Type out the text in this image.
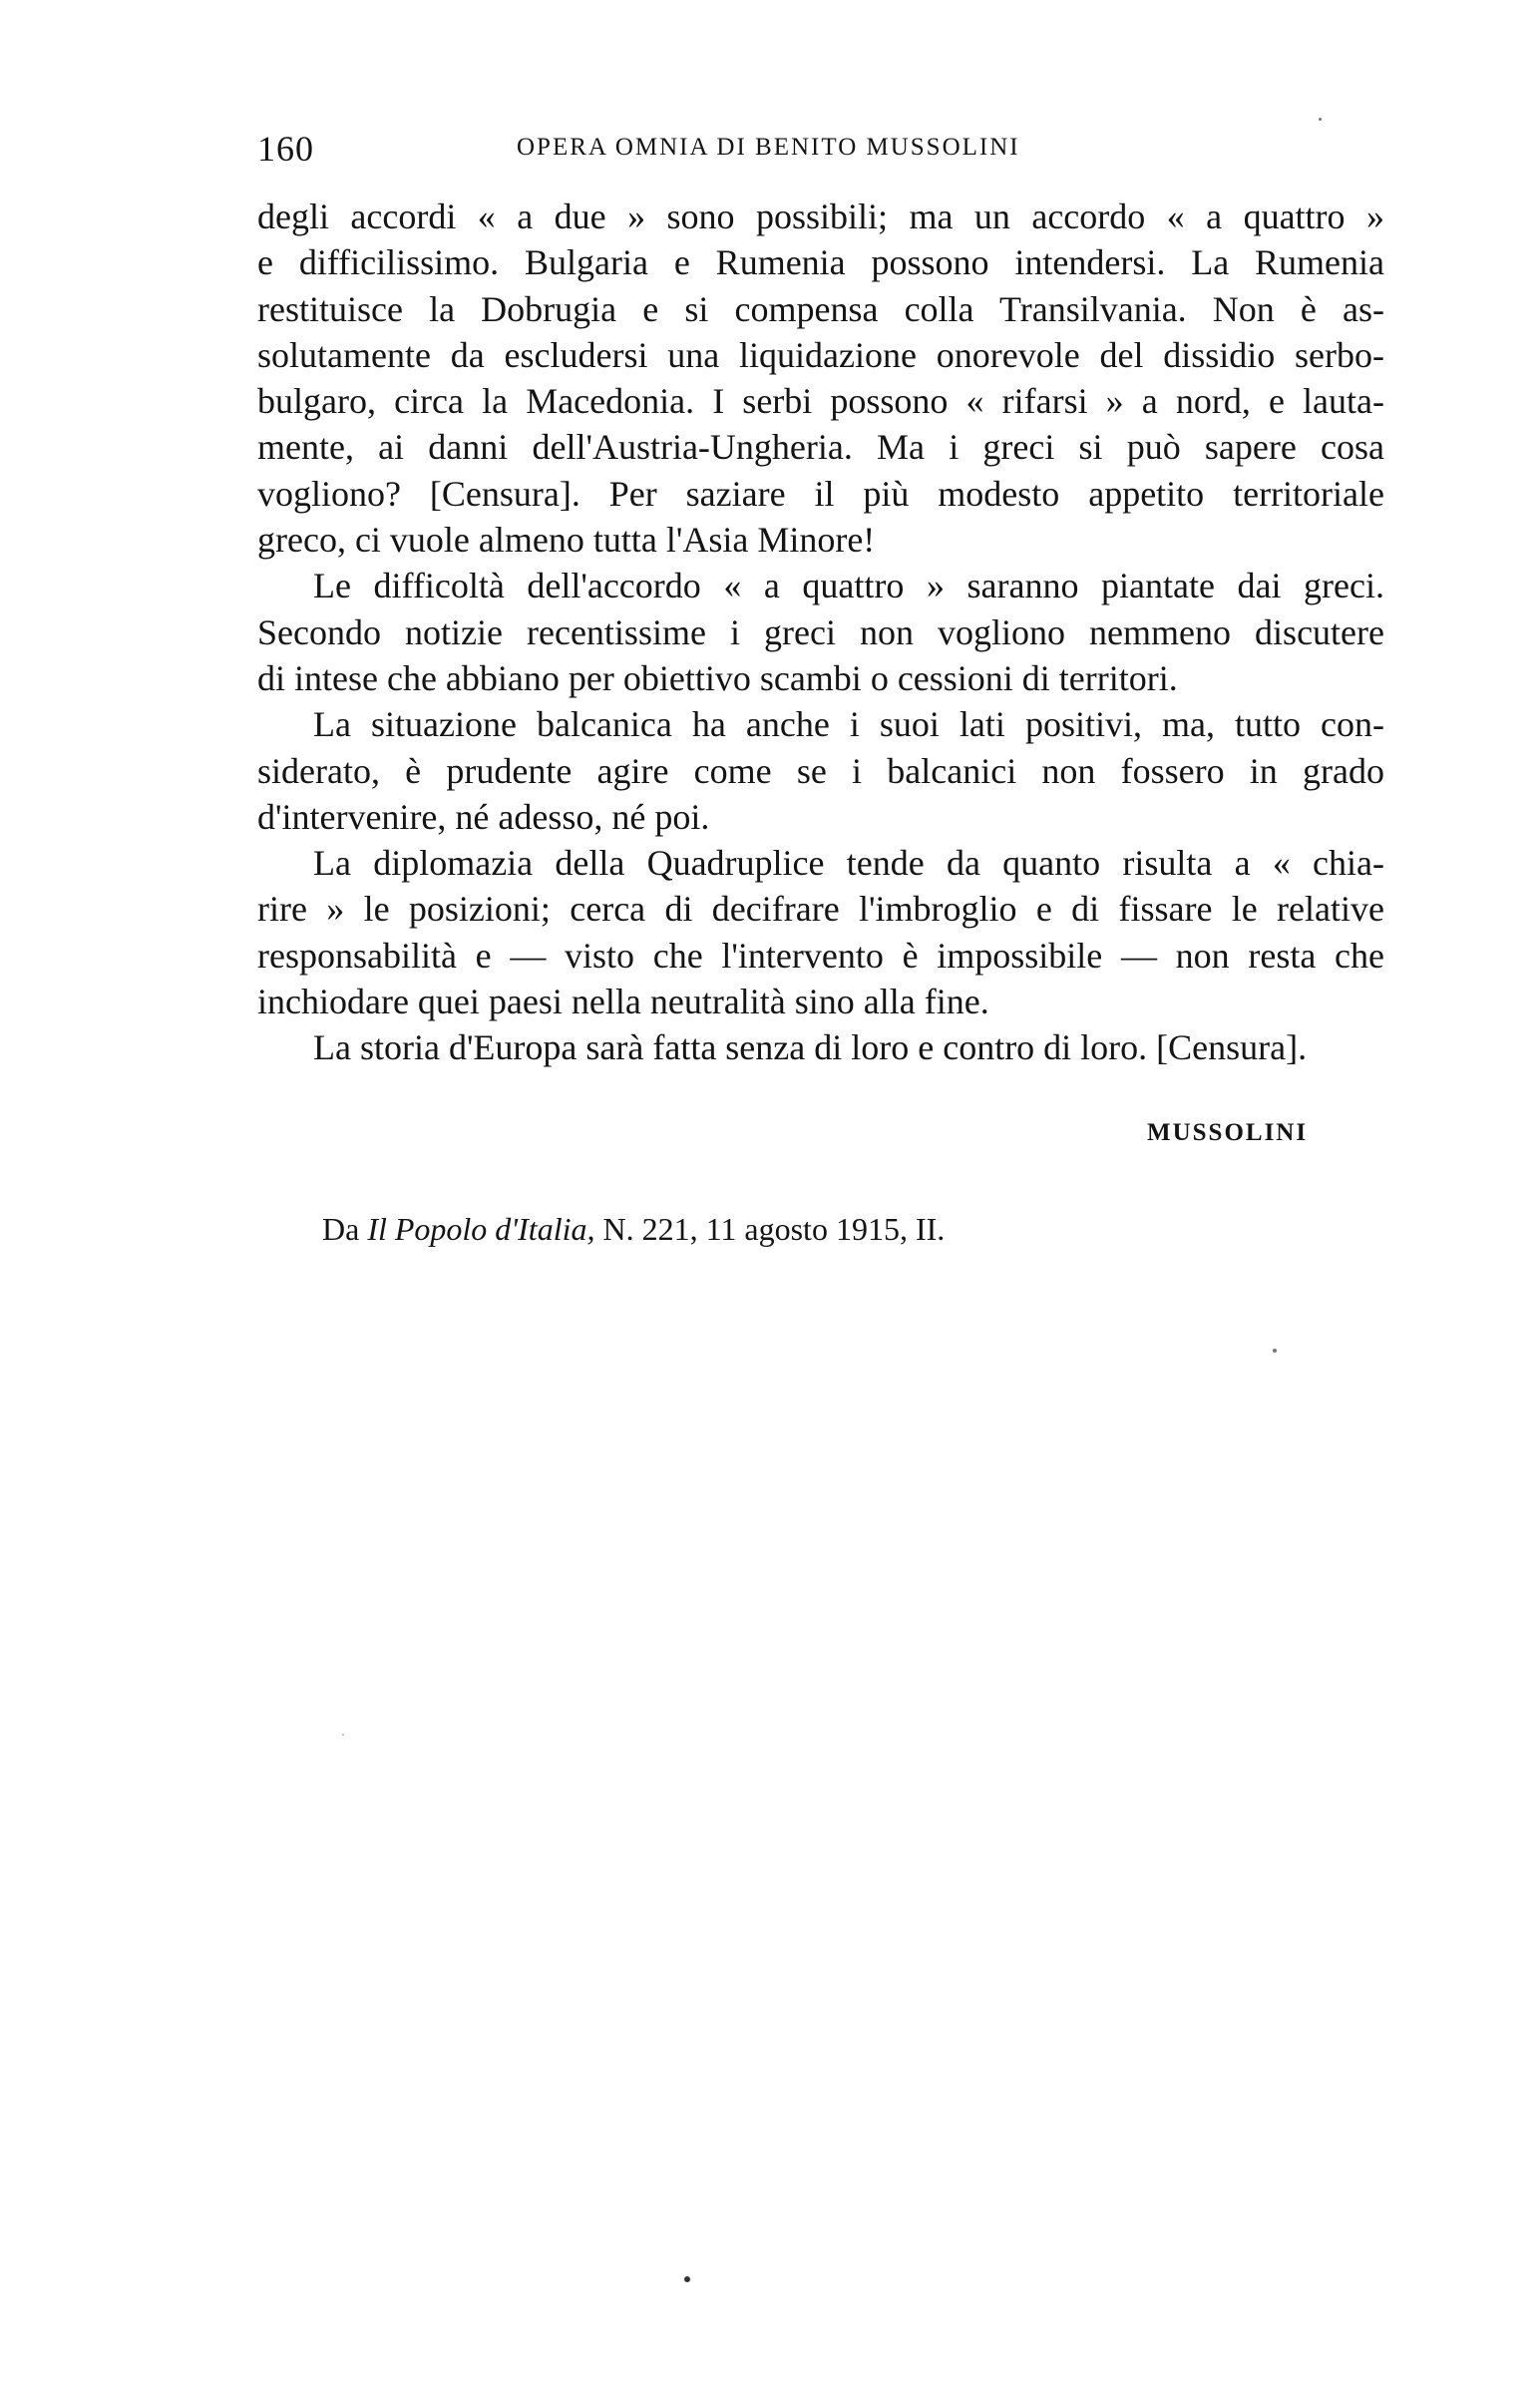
160	OPERA OMNIA DI BENITO MUSSOLINI
degli accordi « a due » sono possibili; ma un accordo « a quattro »
e difficilissimo. Bulgaria e Rumenia possono intendersi. La Rumenia
restituisce la Dobrugia e si compensa colla Transilvania. Non è as-
solutamente da escludersi una liquidazione onorevole del dissidio serbo-
bulgaro, circa la Macedonia. I serbi possono « rifarsi » a nord, e lauta-
mente, ai danni dell'Austria-Ungheria. Ma i greci si può sapere cosa
vogliono? [Censura]. Per saziare il più modesto appetito territoriale
greco, ci vuole almeno tutta l'Asia Minore!
Le difficoltà dell'accordo « a quattro » saranno piantate dai greci.
Secondo notizie recentissime i greci non vogliono nemmeno discutere
di intese che abbiano per obiettivo scambi o cessioni di territori.
La situazione balcanica ha anche i suoi lati positivi, ma, tutto con-
siderato, è prudente agire come se i balcanici non fossero in grado
d'intervenire, né adesso, né poi.
La diplomazia della Quadruplice tende da quanto risulta a « chia-
rire » le posizioni; cerca di decifrare l'imbroglio e di fissare le relative
responsabilità e — visto che l'intervento è impossibile — non resta che
inchiodare quei paesi nella neutralità sino alla fine.
La storia d'Europa sarà fatta senza di loro e contro di loro. [Censura].
MUSSOLINI
Da Il Popolo d'Italia, N. 221, 11 agosto 1915, II.
